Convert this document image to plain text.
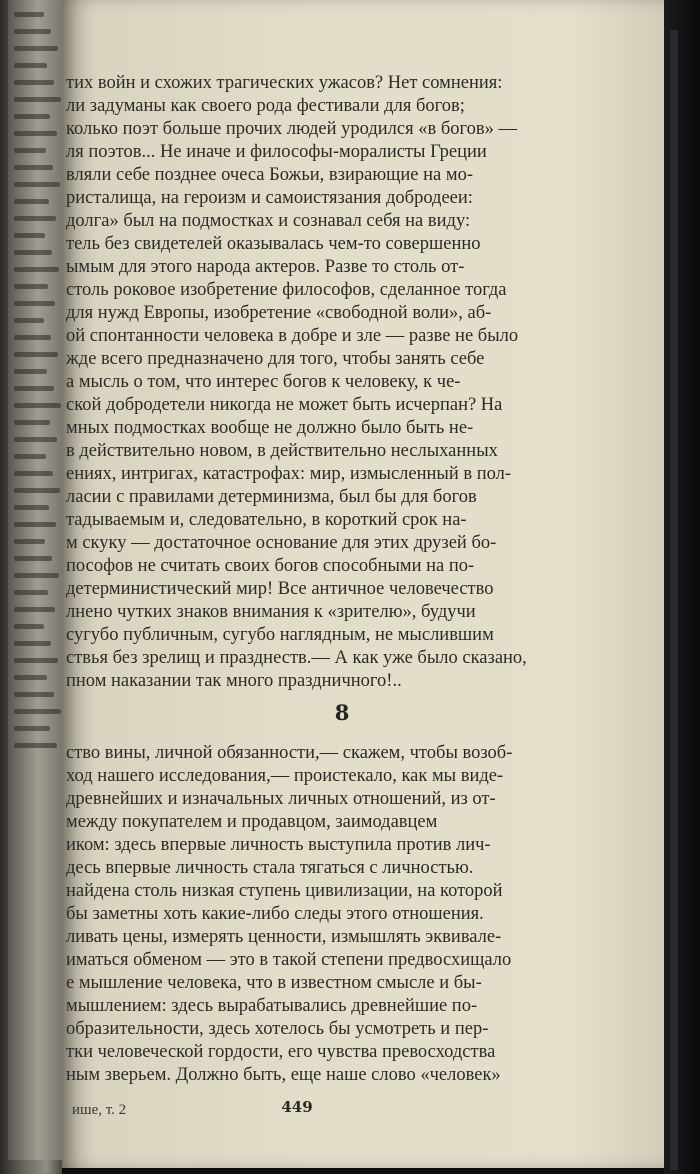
тих войн и схожих трагических ужасов? Нет сомнения:
ли задуманы как своего рода фестивали для богов;
колько поэт больше прочих людей уродился «в богов» —
ля поэтов... Не иначе и философы-моралисты Греции
вляли себе позднее очеса Божьи, взирающие на мо-
ристалища, на героизм и самоистязания добродееи:
долга» был на подмостках и сознавал себя на виду:
тель без свидетелей оказывалась чем-то совершенно
ымым для этого народа актеров. Разве то столь от-
столь роковое изобретение философов, сделанное тогда
для нужд Европы, изобретение «свободной воли», аб-
ой спонтанности человека в добре и зле — разве не было
жде всего предназначено для того, чтобы занять себе
а мысль о том, что интерес богов к человеку, к че-
ской добродетели никогда не может быть исчерпан? На
мных подмостках вообще не должно было быть не-
в действительно новом, в действительно неслыханных
ениях, интригах, катастрофах: мир, измысленный в пол-
ласии с правилами детерминизма, был бы для богов
тадываемым и, следовательно, в короткий срок на-
м скуку — достаточное основание для этих друзей бо-
пософов не считать своих богов способными на по-
детерминистический мир! Все античное человечество
лнено чутких знаков внимания к «зрителю», будучи
сугубо публичным, сугубо наглядным, не мыслившим
ствья без зрелищ и празднеств.— А как уже было сказано,
пном наказании так много праздничного!..
8
ство вины, личной обязанности,— скажем, чтобы возоб-
ход нашего исследования,— проистекало, как мы виде-
древнейших и изначальных личных отношений, из от-
между покупателем и продавцом, заимодавцем
иком: здесь впервые личность выступила против лич-
десь впервые личность стала тягаться с личностью.
найдена столь низкая ступень цивилизации, на которой
бы заметны хоть какие-либо следы этого отношения.
ливать цены, измерять ценности, измышлять эквивале-
иматься обменом — это в такой степени предвосхищало
е мышление человека, что в известном смысле и бы-
мышлением: здесь вырабатывались древнейшие по-
образительности, здесь хотелось бы усмотреть и пер-
тки человеческой гордости, его чувства превосходства
ным зверьем. Должно быть, еще наше слово «человек»
ише, т. 2	449
